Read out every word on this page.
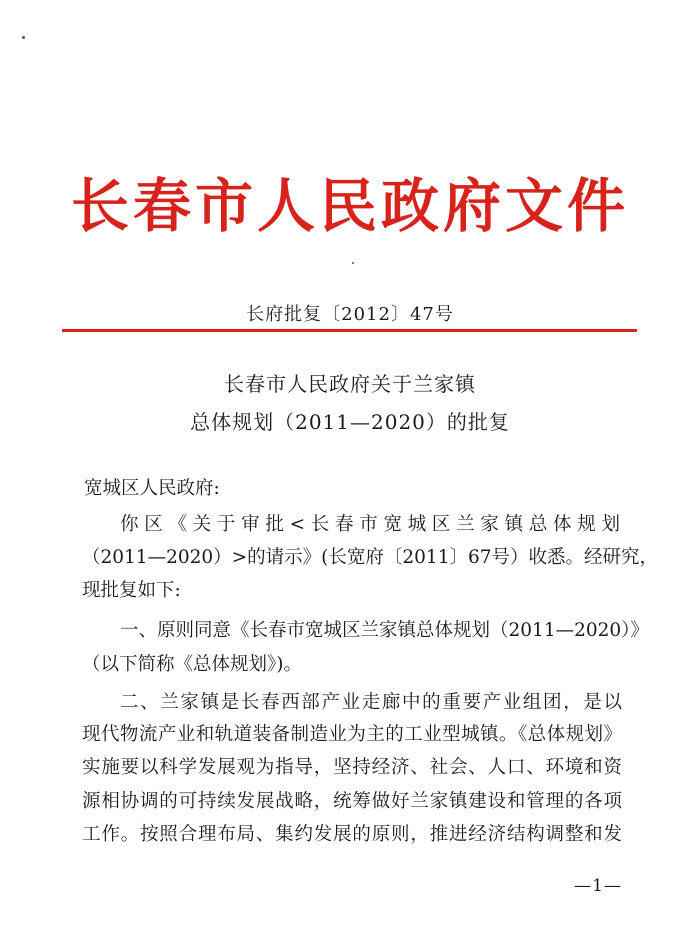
长春市人民政府文件
长府批复〔2012〕47号
长春市人民政府关于兰家镇
总体规划（2011—2020）的批复
宽城区人民政府:
你区《关于审批<长春市宽城区兰家镇总体规划
（2011—2020）>的请示》(长宽府〔2011〕67号）收悉。经研究，
现批复如下:
一、原则同意《长春市宽城区兰家镇总体规划（2011—2020）》
（以下简称《总体规划》)。
二、兰家镇是长春西部产业走廊中的重要产业组团，是以
现代物流产业和轨道装备制造业为主的工业型城镇。《总体规划》
实施要以科学发展观为指导，坚持经济、社会、人口、环境和资
源相协调的可持续发展战略，统筹做好兰家镇建设和管理的各项
工作。按照合理布局、集约发展的原则，推进经济结构调整和发
—1—
